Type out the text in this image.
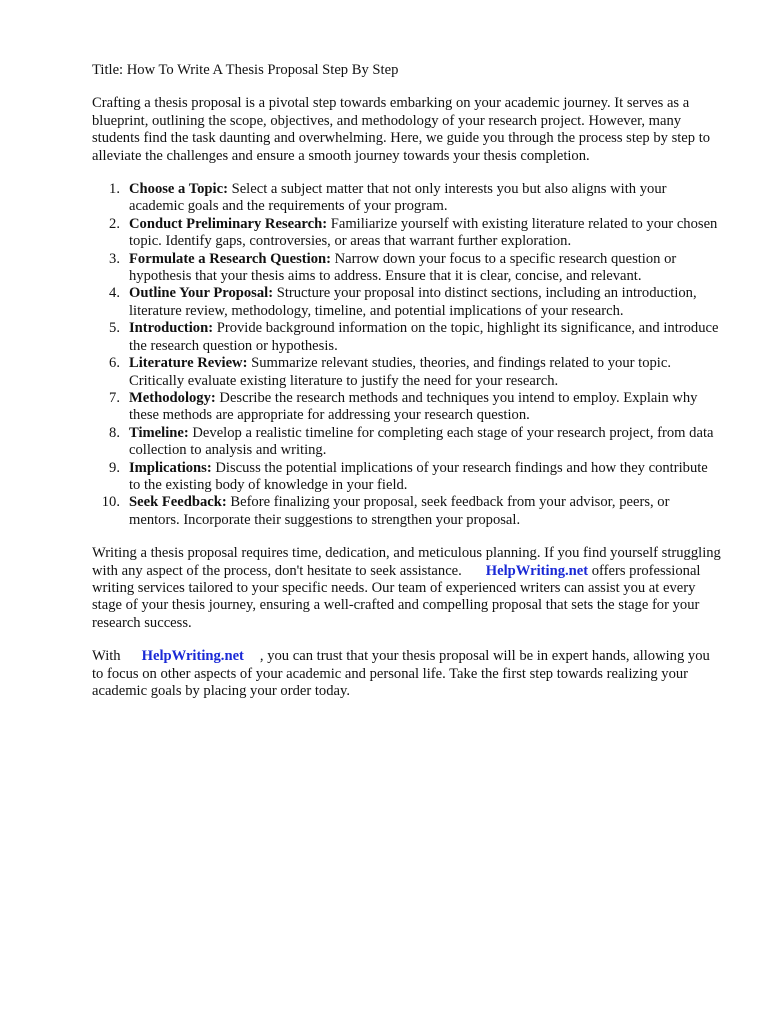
Title: How To Write A Thesis Proposal Step By Step

Crafting a thesis proposal is a pivotal step towards embarking on your academic journey. It serves as a blueprint, outlining the scope, objectives, and methodology of your research project. However, many students find the task daunting and overwhelming. Here, we guide you through the process step by step to alleviate the challenges and ensure a smooth journey towards your thesis completion.

1. Choose a Topic: Select a subject matter that not only interests you but also aligns with your academic goals and the requirements of your program.
2. Conduct Preliminary Research: Familiarize yourself with existing literature related to your chosen topic. Identify gaps, controversies, or areas that warrant further exploration.
3. Formulate a Research Question: Narrow down your focus to a specific research question or hypothesis that your thesis aims to address. Ensure that it is clear, concise, and relevant.
4. Outline Your Proposal: Structure your proposal into distinct sections, including an introduction, literature review, methodology, timeline, and potential implications of your research.
5. Introduction: Provide background information on the topic, highlight its significance, and introduce the research question or hypothesis.
6. Literature Review: Summarize relevant studies, theories, and findings related to your topic. Critically evaluate existing literature to justify the need for your research.
7. Methodology: Describe the research methods and techniques you intend to employ. Explain why these methods are appropriate for addressing your research question.
8. Timeline: Develop a realistic timeline for completing each stage of your research project, from data collection to analysis and writing.
9. Implications: Discuss the potential implications of your research findings and how they contribute to the existing body of knowledge in your field.
10. Seek Feedback: Before finalizing your proposal, seek feedback from your advisor, peers, or mentors. Incorporate their suggestions to strengthen your proposal.

Writing a thesis proposal requires time, dedication, and meticulous planning. If you find yourself struggling with any aspect of the process, don't hesitate to seek assistance. HelpWriting.net offers professional writing services tailored to your specific needs. Our team of experienced writers can assist you at every stage of your thesis journey, ensuring a well-crafted and compelling proposal that sets the stage for your research success.

With HelpWriting.net , you can trust that your thesis proposal will be in expert hands, allowing you to focus on other aspects of your academic and personal life. Take the first step towards realizing your academic goals by placing your order today.
